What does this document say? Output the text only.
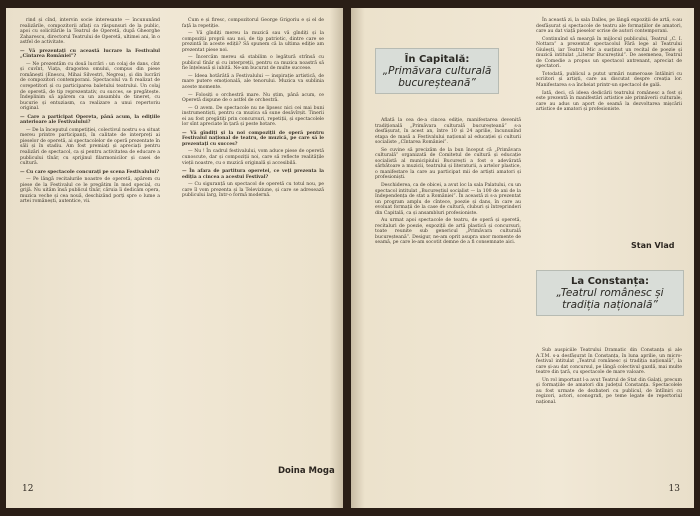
rind și cînd, intervin socie interesante — încununând realizările, compozitorii aflați ca răspunsuri de la public, apoi cu solicitările la Teatrul de Operetă, după Gheorghe Zaharescu, directorul Teatrului de Operetă, ultimei ani, în o astfel de activitate.

— Vă prezentați cu această lucrare la Festivalul „Cîntarea României”?

— Ne prezentăm cu două lucrări : un colaj de dans, cînt și cuvînt, Viața, dragostea omului, compus din piese românești (Enescu, Mihai Silvestri, Negrea), și din lucrări de compozitori contemporani. Spectacolul va fi realizat de corepetitori și cu participarea baletului teatrului. Un colaj de operetă, de tip reprezentativ, cu succes, se pregătește. Îndeplinim să apărem ca un ansamblu de tineret, cu bucurie și entuziasm, ca realizare a unui repertoriu original.

— Care a participat Opereta, până acum, la ediţiile anterioare ale Festivalului?

— De la începutul competiției, colectivul nostru s-a situat mereu printre participanți, în calitate de interpreți ai pieselor de operetă, ai spectacolelor de operă prezentate în săli și în stadiu. Am fost premiați și apreciați pentru realizări de spectacol, ca și pentru activitatea de educare a publicului tînăr, cu sprijinul filarmonicilor și casei de cultură.

— Cu care spectacole concurați pe scena Festivalului?

— Pe lângă recitalurile noastre de operetă, apărem cu piese de la Festivalul ce le pregătim în mod special, cu grijă. Nu uităm însă publicul tînăr, căruia îi dedicăm opera, muzica veche și cea nouă, deschizând porți spre o lume a artei românești, autentice, vii.

Cum e și firesc, compozitorul George Grigoriu e și el de față la repetiție.

— Vă gîndiți mereu la muzică sau vă gîndiți și la compoziții proprii sau noi, de tip patriotic, dintre care se prezintă în aceste ediții? Să spunem că la ultima ediție am prezentat piese noi.

— Încercăm mereu să stabilim o legătură strînsă cu publicul tînăr și cu interpreții, pentru ca muzica noastră să fie înțeleasă și iubită. Ne-am bucurat de multe succese.

— Ideea hotărâtă a Festivalului — inspirație artistică, de mare putere emoțională, ale tenorului. Muzica va sublinia aceste momente.

— Folosiți o orchestră mare. Nu știm, până acum, ce Operetă dispune de o astfel de orchestră.

— O avem. De spectacole nu ne lipsesc nici cei mai buni instrumentiști, pentru ca muzica să sune desăvîrșit. Tinerii ei au fost pregătiți prin concursuri, repetiții, și spectacolele lor sînt apreciate în țară și peste hotare.

— Vă gîndiți și la noi compoziții de operă pentru Festivalul național de teatru, de muzică, pe care să le prezentați cu succes?

— Nu ! În cadrul festivalului, vom aduce piese de operetă cunoscute, dar și compoziții noi, care să reflecte realitățile vieții noastre, cu o muzică originală și accesibilă.

— În afara de partitura operetei, ce veți prezenta la ediția a cincea a acestui Festival?

— Cu siguranță un spectacol de operetă cu totul nou, pe care îl vom prezenta și la Televiziune, și care se adresează publicului larg, într-o formă modernă.

Doina Moga
12
În Capitală:
„Primăvara culturală bucureșteană”

Aflată la cea de-a cincea ediție, manifestarea devenită tradițională „Primăvara culturală bucureșteană” s-a desfășurat, în acest an, între 10 și 24 aprilie, încununînd etapa de masă a Festivalului național al educației și culturii socialiste „Cîntarea României”.

Se cuvine să precizăm de la bun început că „Primăvara culturală” organizată de Comitetul de cultură și educație socialistă al municipiului București a fost o adevărată sărbătoare a muzicii, teatrului și literaturii, a artelor plastice, o manifestare la care au participat mii de artiști amatori și profesioniști.

Deschiderea, ca de obicei, a avut loc la sala Palatului, cu un spectacol intitulat „Bucureștiul socialist — la 100 de ani de la Independența de stat a României”. În această zi s-a prezentat un program amplu de cîntece, poezie și dans, în care au evoluat formații de la case de cultură, cluburi și întreprinderi din Capitală, ca și ansambluri profesioniste.

Au urmat apoi spectacole de teatru, de operă și operetă, recitaluri de poezie, expoziții de artă plastică și concursuri, toate reunite sub genericul „Primăvara culturală bucureșteană”. Desigur, ne-am oprit asupra unor momente de seamă, pe care le-am socotit demne de a fi consemnate aici.

În această zi, la sala Dalles, pe lângă expoziții de artă, s-au desfășurat și spectacole de teatru ale formațiilor de amatori, care au dat viață pieselor scrise de autori contemporani.

Continuînd să meargă în mijlocul publicului, Teatrul „C. I. Nottara” a prezentat spectacolul Fără lege al Teatrului Giulești, iar Teatrul Mic a susținut un recital de poezie și muzică intitulat „Literar Bucureștiul”. De asemenea, Teatrul de Comedie a propus un spectacol antrenant, apreciat de spectatori.

Totodată, publicul a putut urmări numeroase întâlniri cu scriitori și artiști, care au discutat despre creația lor. Manifestarea s-a încheiat printr-un spectacol de gală.

Iată, deci, că ideea dedicării teatrului românesc a fost și este prezentă în manifestări artistice ale primăverii culturale, care au adus un aport de seamă la dezvoltarea mișcării artistice de amatori și profesioniste.

Stan Vlad
La Constanța:
„Teatrul românesc și tradiția națională”

Sub auspiciile Teatrului Dramatic din Constanța și ale A.T.M. s-a desfășurat în Constanța, în luna aprilie, un micro-festival intitulat „Teatrul românesc și tradiția națională”, la care și-au dat concursul, pe lângă colectivul gazdă, mai multe teatre din țară, cu spectacole de mare valoare.

Un rol important l-a avut Teatrul de Stat din Galați, precum și formațiile de amatori din județul Constanța. Spectacolele au fost urmate de dezbateri cu publicul, de întîlniri cu regizori, actori, scenografi, pe teme legate de repertoriul național.

13
